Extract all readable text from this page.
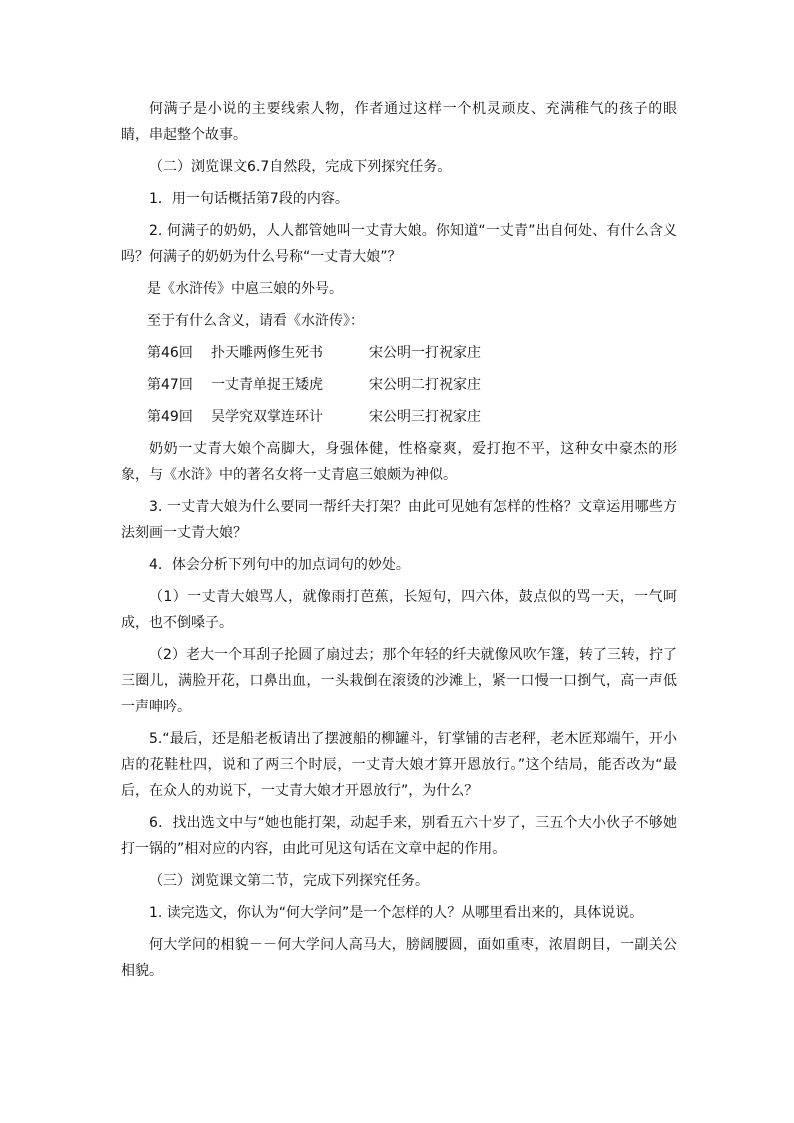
何满子是小说的主要线索人物，作者通过这样一个机灵顽皮、充满稚气的孩子的眼睛，串起整个故事。

（二）浏览课文6.7自然段，完成下列探究任务。

1．用一句话概括第7段的内容。

2. 何满子的奶奶，人人都管她叫一丈青大娘。你知道“一丈青”出自何处、有什么含义吗？何满子的奶奶为什么号称“一丈青大娘”？

是《水浒传》中扈三娘的外号。

至于有什么含义，请看《水浒传》：

第46回	扑天雕两修生死书	宋公明一打祝家庄
第47回	一丈青单捉王矮虎	宋公明二打祝家庄
第49回	吴学究双掌连环计	宋公明三打祝家庄

奶奶一丈青大娘个高脚大，身强体健，性格豪爽，爱打抱不平，这种女中豪杰的形象，与《水浒》中的著名女将一丈青扈三娘颇为神似。

3. 一丈青大娘为什么要同一帮纤夫打架？由此可见她有怎样的性格？文章运用哪些方法刻画一丈青大娘？

4．体会分析下列句中的加点词句的妙处。

（1）一丈青大娘骂人，就像雨打芭蕉，长短句，四六体，鼓点似的骂一天，一气呵成，也不倒嗓子。

（2）老大一个耳刮子抡圆了扇过去；那个年轻的纤夫就像风吹乍篷，转了三转，拧了三圈儿，满脸开花，口鼻出血，一头栽倒在滚烫的沙滩上，紧一口慢一口捯气，高一声低一声呻吟。

5.“最后，还是船老板请出了摆渡船的柳罐斗，钉掌铺的吉老秤，老木匠郑端午，开小店的花鞋杜四，说和了两三个时辰，一丈青大娘才算开恩放行。”这个结局，能否改为“最后，在众人的劝说下，一丈青大娘才开恩放行”，为什么？

6．找出选文中与“她也能打架，动起手来，别看五六十岁了，三五个大小伙子不够她打一锅的”相对应的内容，由此可见这句话在文章中起的作用。

（三）浏览课文第二节，完成下列探究任务。

1. 读完选文，你认为“何大学问”是一个怎样的人？从哪里看出来的，具体说说。

何大学问的相貌－－何大学问人高马大，膀阔腰圆，面如重枣，浓眉朗目，一副关公相貌。
